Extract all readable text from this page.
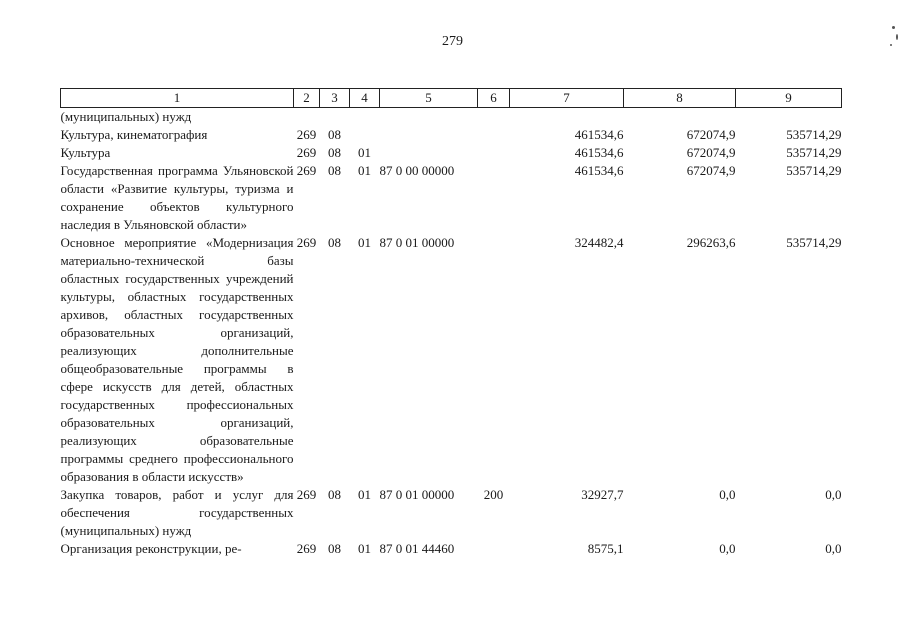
279
1	2	3	4	5	6	7	8	9
(муниципальных) нужд								
Культура, кинематография	269	08				461534,6	672074,9	535714,29
Культура	269	08	01			461534,6	672074,9	535714,29
Государственная программа Ульяновской области «Развитие культуры, туризма и сохранение объектов культурного наследия в Ульяновской области»	269	08	01	87 0 00 00000		461534,6	672074,9	535714,29
Основное мероприятие «Модернизация материально-технической базы областных государственных учреждений культуры, областных государственных архивов, областных государственных образовательных организаций, реализующих дополнительные общеобразовательные программы в сфере искусств для детей, областных государственных профессиональных образовательных организаций, реализующих образовательные программы среднего профессионального образования в области искусств»	269	08	01	87 0 01 00000		324482,4	296263,6	535714,29
Закупка товаров, работ и услуг для обеспечения государственных (муниципальных) нужд	269	08	01	87 0 01 00000	200	32927,7	0,0	0,0
Организация реконструкции, ре-	269	08	01	87 0 01 44460		8575,1	0,0	0,0
